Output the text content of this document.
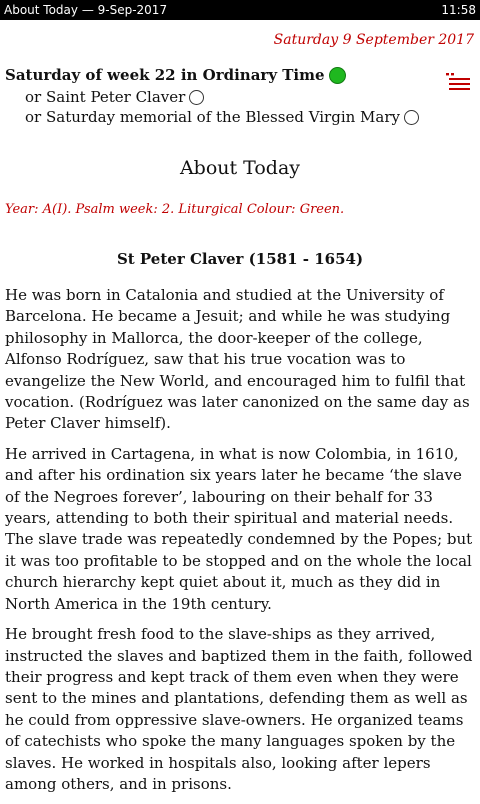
About Today — 9-Sep-2017	11:58
Saturday 9 September 2017
Saturday of week 22 in Ordinary Time
or Saint Peter Claver
or Saturday memorial of the Blessed Virgin Mary
About Today
Year: A(I). Psalm week: 2. Liturgical Colour: Green.
St Peter Claver (1581 - 1654)

He was born in Catalonia and studied at the University of Barcelona. He became a Jesuit; and while he was studying philosophy in Mallorca, the door-keeper of the college, Alfonso Rodríguez, saw that his true vocation was to evangelize the New World, and encouraged him to fulfil that vocation. (Rodríguez was later canonized on the same day as Peter Claver himself).

He arrived in Cartagena, in what is now Colombia, in 1610, and after his ordination six years later he became ‘the slave of the Negroes forever’, labouring on their behalf for 33 years, attending to both their spiritual and material needs. The slave trade was repeatedly condemned by the Popes; but it was too profitable to be stopped and on the whole the local church hierarchy kept quiet about it, much as they did in North America in the 19th century.

He brought fresh food to the slave-ships as they arrived, instructed the slaves and baptized them in the faith, followed their progress and kept track of them even when they were sent to the mines and plantations, defending them as well as he could from oppressive slave-owners. He organized teams of catechists who spoke the many languages spoken by the slaves. He worked in hospitals also, looking after lepers among others, and in prisons.
